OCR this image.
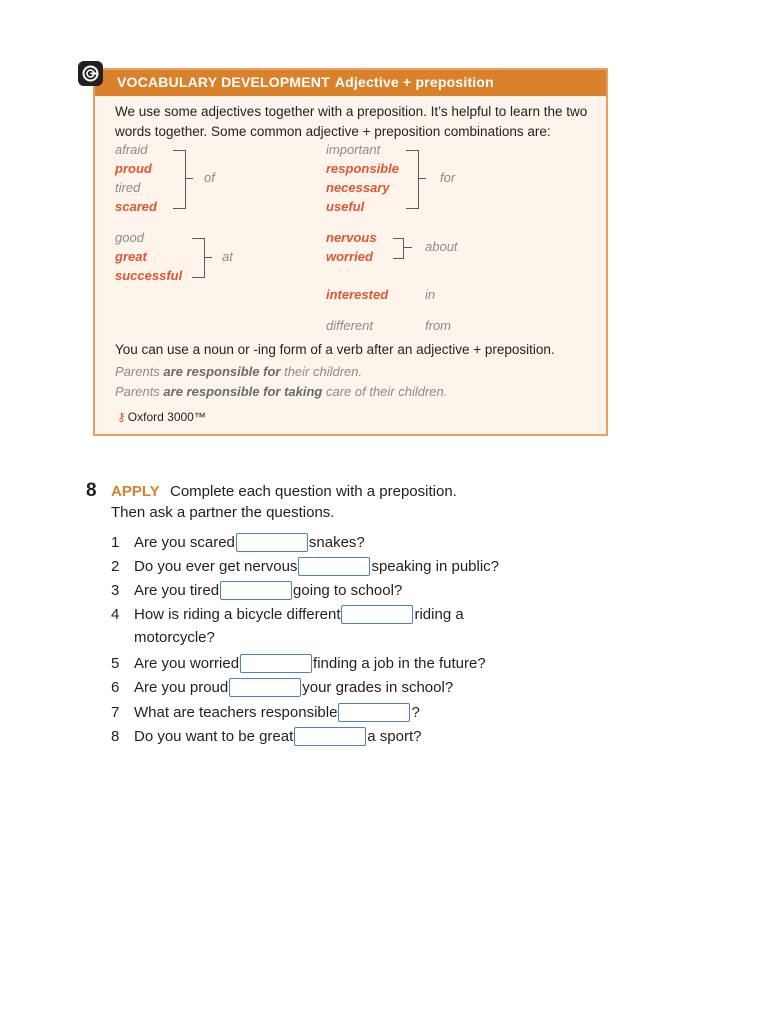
VOCABULARY DEVELOPMENT Adjective + preposition
We use some adjectives together with a preposition. It’s helpful to learn the two words together. Some common adjective + preposition combinations are:
afraid
proud
tired
scared
of
important
responsible
necessary
useful
for
good
great
successful
at
nervous
worried
about
interested	in
different	from
You can use a noun or -ing form of a verb after an adjective + preposition.
Parents are responsible for their children.
Parents are responsible for taking care of their children.
⚷ Oxford 3000™
8 APPLY Complete each question with a preposition.
Then ask a partner the questions.
1 Are you scared	snakes?
2 Do you ever get nervous	speaking in public?
3 Are you tired	going to school?
4 How is riding a bicycle different	riding a
motorcycle?
5 Are you worried	finding a job in the future?
6 Are you proud	your grades in school?
7 What are teachers responsible	?
8 Do you want to be great	a sport?
